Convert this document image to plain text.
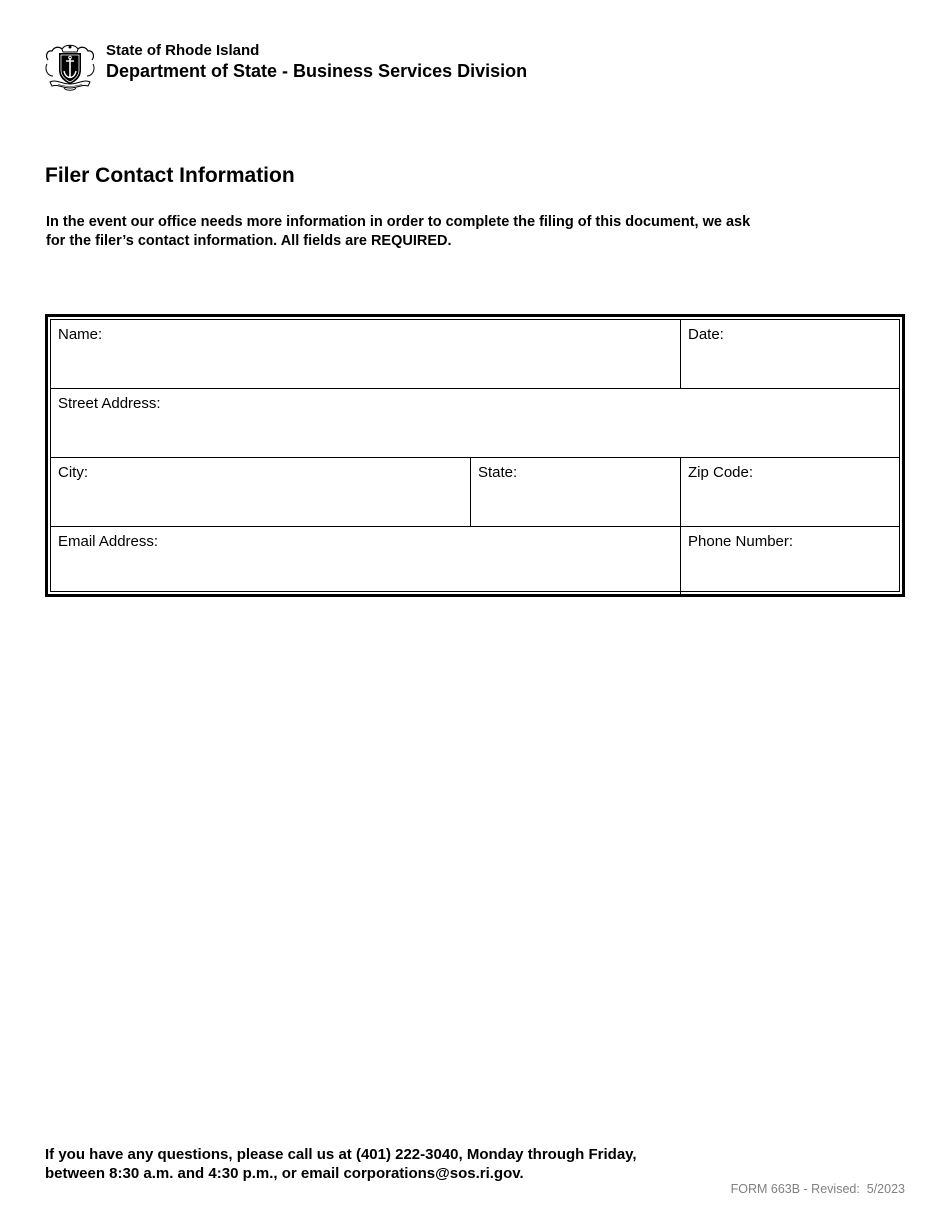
State of Rhode Island
Department of State - Business Services Division
Filer Contact Information

In the event our office needs more information in order to complete the filing of this document, we ask
for the filer’s contact information. All fields are REQUIRED.

Name:	Date:
Street Address:
City:	State:	Zip Code:
Email Address:	Phone Number:

If you have any questions, please call us at (401) 222-3040, Monday through Friday,
between 8:30 a.m. and 4:30 p.m., or email corporations@sos.ri.gov.

FORM 663B - Revised:  5/2023
